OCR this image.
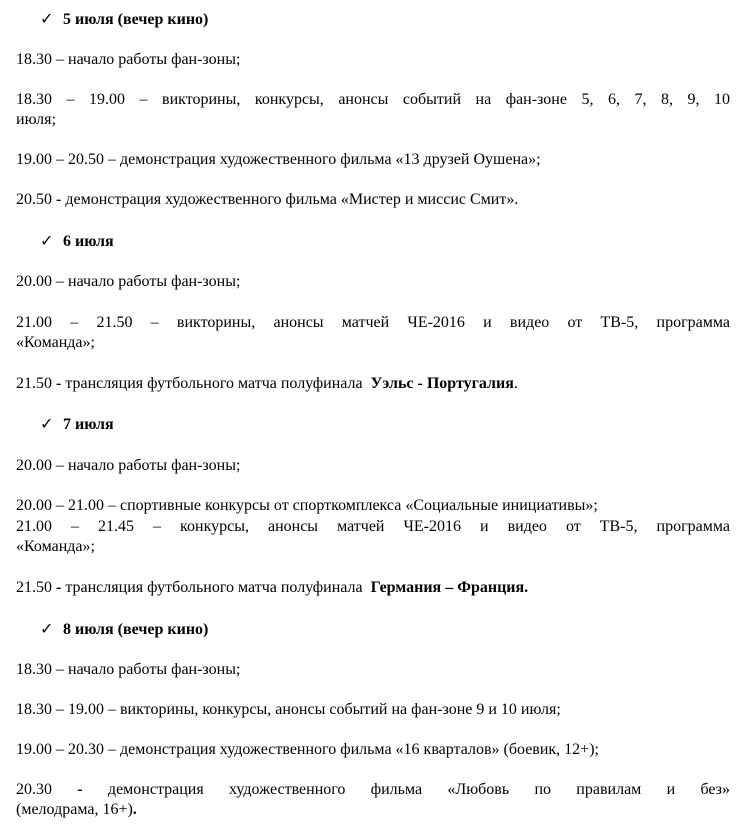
✓ 5 июля (вечер кино)
18.30 – начало работы фан-зоны;
18.30 – 19.00 – викторины, конкурсы, анонсы событий на фан-зоне 5, 6, 7, 8, 9, 10
июля;
19.00 – 20.50 – демонстрация художественного фильма «13 друзей Оушена»;
20.50 - демонстрация художественного фильма «Мистер и миссис Смит».
✓ 6 июля
20.00 – начало работы фан-зоны;
21.00 – 21.50 – викторины, анонсы матчей ЧЕ-2016 и видео от ТВ-5, программа
«Команда»;
21.50 - трансляция футбольного матча полуфинала  Уэльс - Португалия.
✓ 7 июля
20.00 – начало работы фан-зоны;
20.00 – 21.00 – спортивные конкурсы от спорткомплекса «Социальные инициативы»;
21.00 – 21.45 – конкурсы, анонсы матчей ЧЕ-2016 и видео от ТВ-5, программа
«Команда»;
21.50 - трансляция футбольного матча полуфинала  Германия – Франция.
✓ 8 июля (вечер кино)
18.30 – начало работы фан-зоны;
18.30 – 19.00 – викторины, конкурсы, анонсы событий на фан-зоне 9 и 10 июля;
19.00 – 20.30 – демонстрация художественного фильма «16 кварталов» (боевик, 12+);
20.30 - демонстрация художественного фильма «Любовь по правилам и без»
(мелодрама, 16+).
